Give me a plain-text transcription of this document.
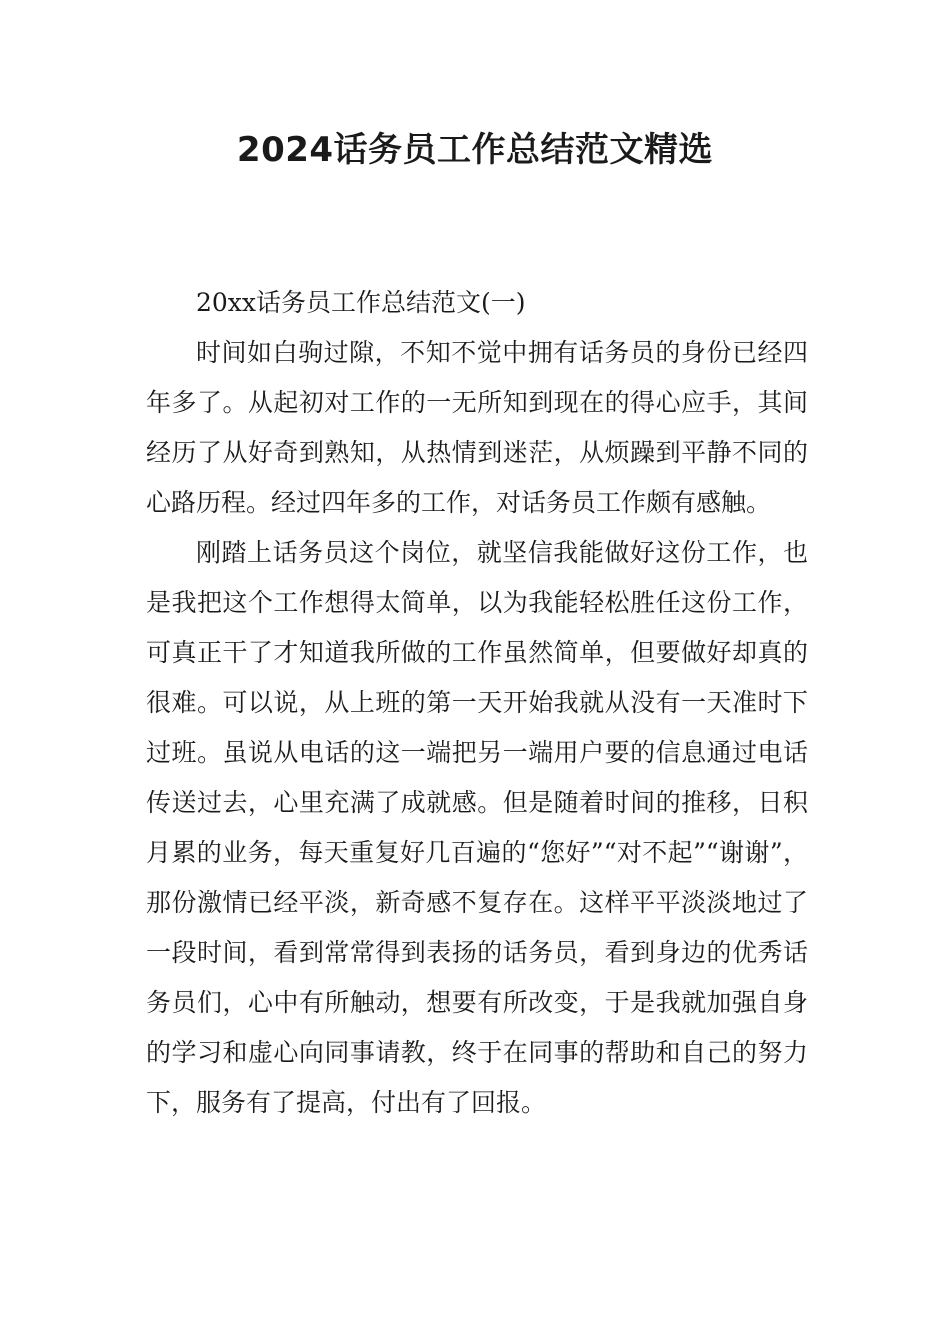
2024话务员工作总结范文精选

20xx话务员工作总结范文(一)

时间如白驹过隙，不知不觉中拥有话务员的身份已经四年多了。从起初对工作的一无所知到现在的得心应手，其间经历了从好奇到熟知，从热情到迷茫，从烦躁到平静不同的心路历程。经过四年多的工作，对话务员工作颇有感触。

刚踏上话务员这个岗位，就坚信我能做好这份工作，也是我把这个工作想得太简单，以为我能轻松胜任这份工作，可真正干了才知道我所做的工作虽然简单，但要做好却真的很难。可以说，从上班的第一天开始我就从没有一天准时下过班。虽说从电话的这一端把另一端用户要的信息通过电话传送过去，心里充满了成就感。但是随着时间的推移，日积月累的业务，每天重复好几百遍的“您好”“对不起”“谢谢”，那份激情已经平淡，新奇感不复存在。这样平平淡淡地过了一段时间，看到常常得到表扬的话务员，看到身边的优秀话务员们，心中有所触动，想要有所改变，于是我就加强自身的学习和虚心向同事请教，终于在同事的帮助和自己的努力下，服务有了提高，付出有了回报。
